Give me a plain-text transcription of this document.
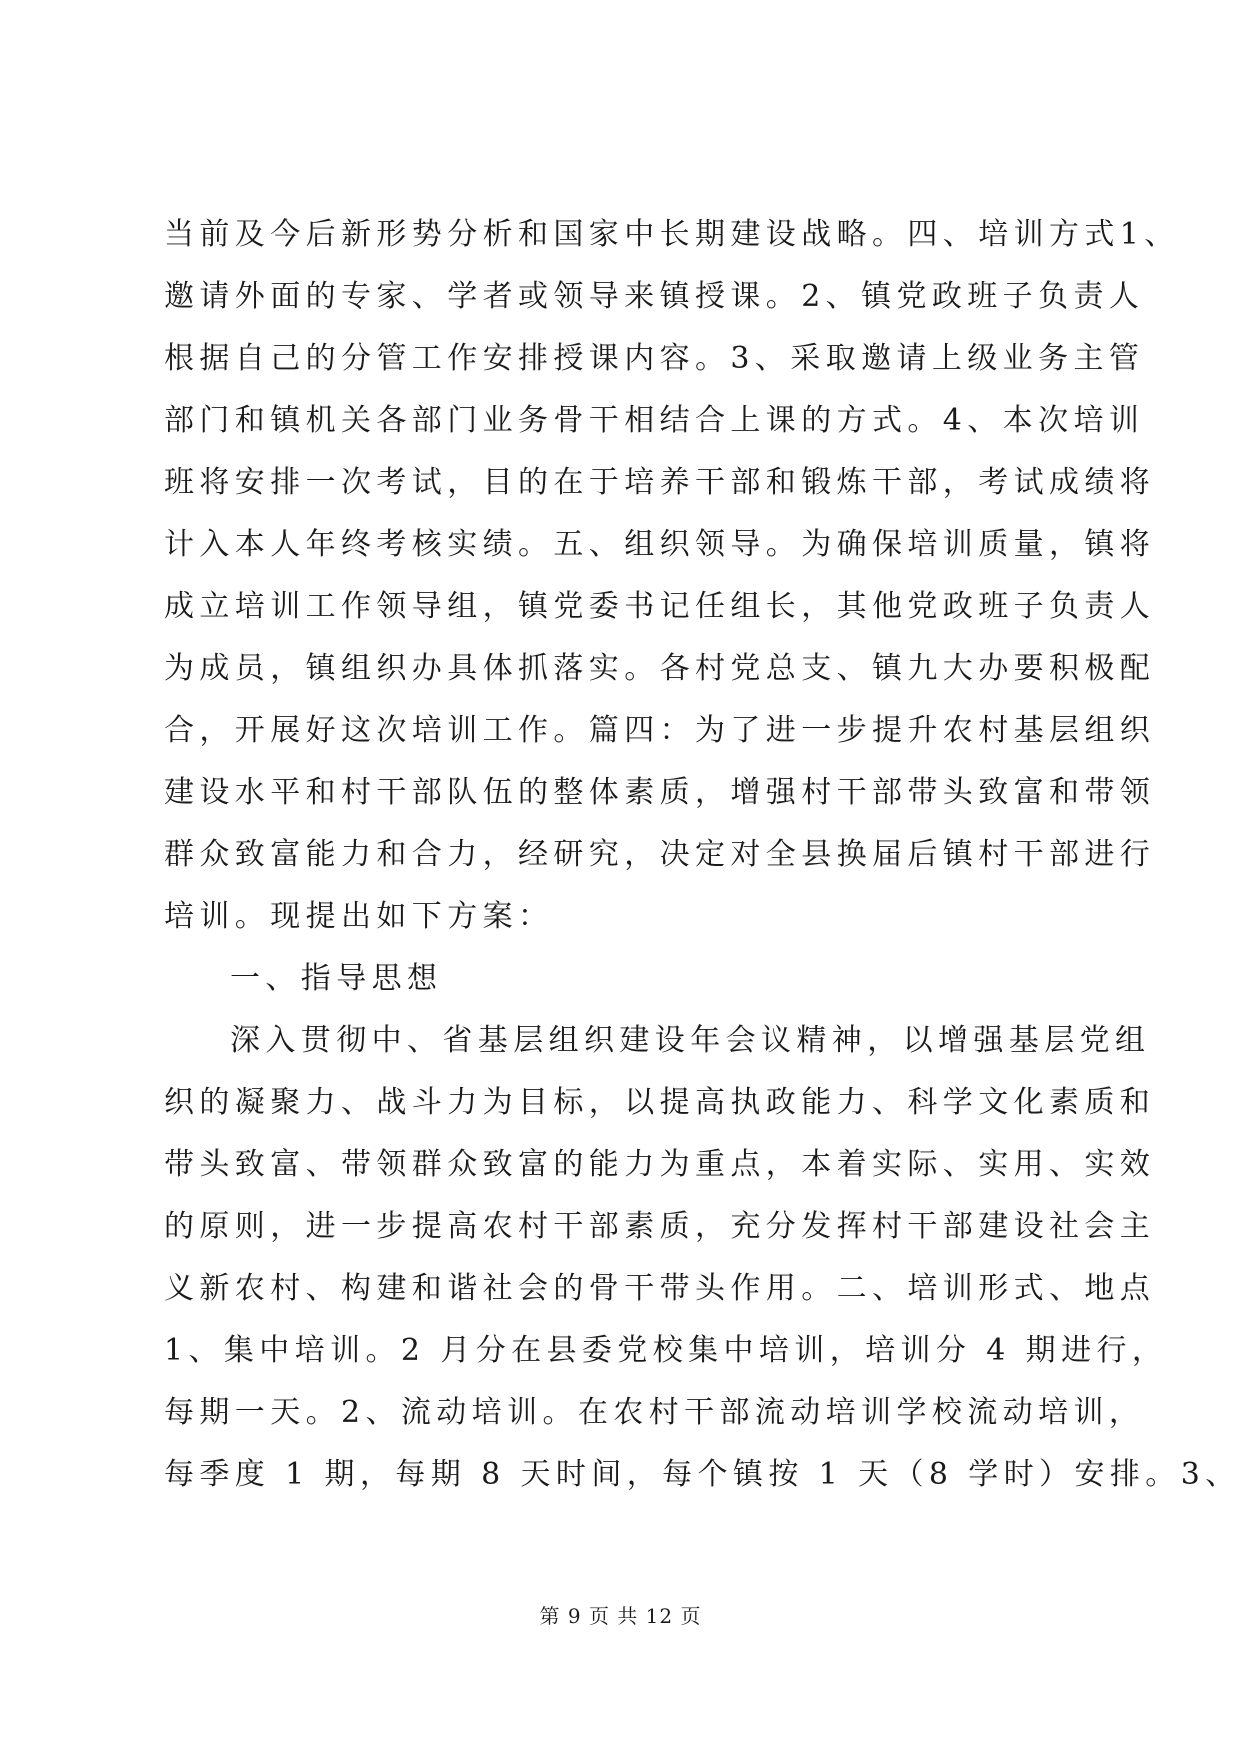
当前及今后新形势分析和国家中长期建设战略。四、培训方式1、
邀请外面的专家、学者或领导来镇授课。2、镇党政班子负责人
根据自己的分管工作安排授课内容。3、采取邀请上级业务主管
部门和镇机关各部门业务骨干相结合上课的方式。4、本次培训
班将安排一次考试，目的在于培养干部和锻炼干部，考试成绩将
计入本人年终考核实绩。五、组织领导。为确保培训质量，镇将
成立培训工作领导组，镇党委书记任组长，其他党政班子负责人
为成员，镇组织办具体抓落实。各村党总支、镇九大办要积极配
合，开展好这次培训工作。篇四：为了进一步提升农村基层组织
建设水平和村干部队伍的整体素质，增强村干部带头致富和带领
群众致富能力和合力，经研究，决定对全县换届后镇村干部进行
培训。现提出如下方案：
一、指导思想
深入贯彻中、省基层组织建设年会议精神，以增强基层党组
织的凝聚力、战斗力为目标，以提高执政能力、科学文化素质和
带头致富、带领群众致富的能力为重点，本着实际、实用、实效
的原则，进一步提高农村干部素质，充分发挥村干部建设社会主
义新农村、构建和谐社会的骨干带头作用。二、培训形式、地点
1、集中培训。2 月分在县委党校集中培训，培训分 4 期进行，
每期一天。2、流动培训。在农村干部流动培训学校流动培训，
每季度 1 期，每期 8 天时间，每个镇按 1 天（8 学时）安排。3、
第 9 页 共 12 页
